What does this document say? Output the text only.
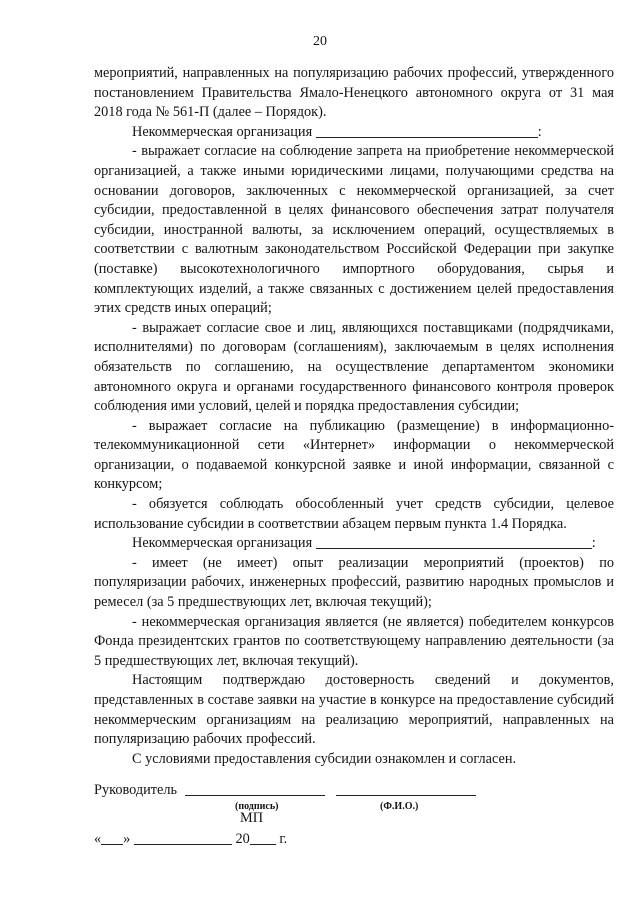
20

мероприятий, направленных на популяризацию рабочих профессий, утвержденного постановлением Правительства Ямало-Ненецкого автономного округа от 31 мая 2018 года № 561-П (далее – Порядок).

Некоммерческая организация	:

- выражает согласие на соблюдение запрета на приобретение некоммерческой организацией, а также иными юридическими лицами, получающими средства на основании договоров, заключенных с некоммерческой организацией, за счет субсидии, предоставленной в целях финансового обеспечения затрат получателя субсидии, иностранной валюты, за исключением операций, осуществляемых в соответствии с валютным законодательством Российской Федерации при закупке (поставке) высокотехнологичного импортного оборудования, сырья и комплектующих изделий, а также связанных с достижением целей предоставления этих средств иных операций;

- выражает согласие свое и лиц, являющихся поставщиками (подрядчиками, исполнителями) по договорам (соглашениям), заключаемым в целях исполнения обязательств по соглашению, на осуществление департаментом экономики автономного округа и органами государственного финансового контроля проверок соблюдения ими условий, целей и порядка предоставления субсидии;

- выражает согласие на публикацию (размещение) в информационно-телекоммуникационной сети «Интернет» информации о некоммерческой организации, о подаваемой конкурсной заявке и иной информации, связанной с конкурсом;

- обязуется соблюдать обособленный учет средств субсидии, целевое использование субсидии в соответствии абзацем первым пункта 1.4 Порядка.

Некоммерческая организация	:

- имеет (не имеет) опыт реализации мероприятий (проектов) по популяризации рабочих, инженерных профессий, развитию народных промыслов и ремесел (за 5 предшествующих лет, включая текущий);

- некоммерческая организация является (не является) победителем конкурсов Фонда президентских грантов по соответствующему направлению деятельности (за 5 предшествующих лет, включая текущий).

Настоящим подтверждаю достоверность сведений и документов, представленных в составе заявки на участие в конкурсе на предоставление субсидий некоммерческим организациям на реализацию мероприятий, направленных на популяризацию рабочих профессий.

С условиями предоставления субсидии ознакомлен и согласен.

Руководитель
(подпись)	(Ф.И.О.)
МП
« »	20 г.
